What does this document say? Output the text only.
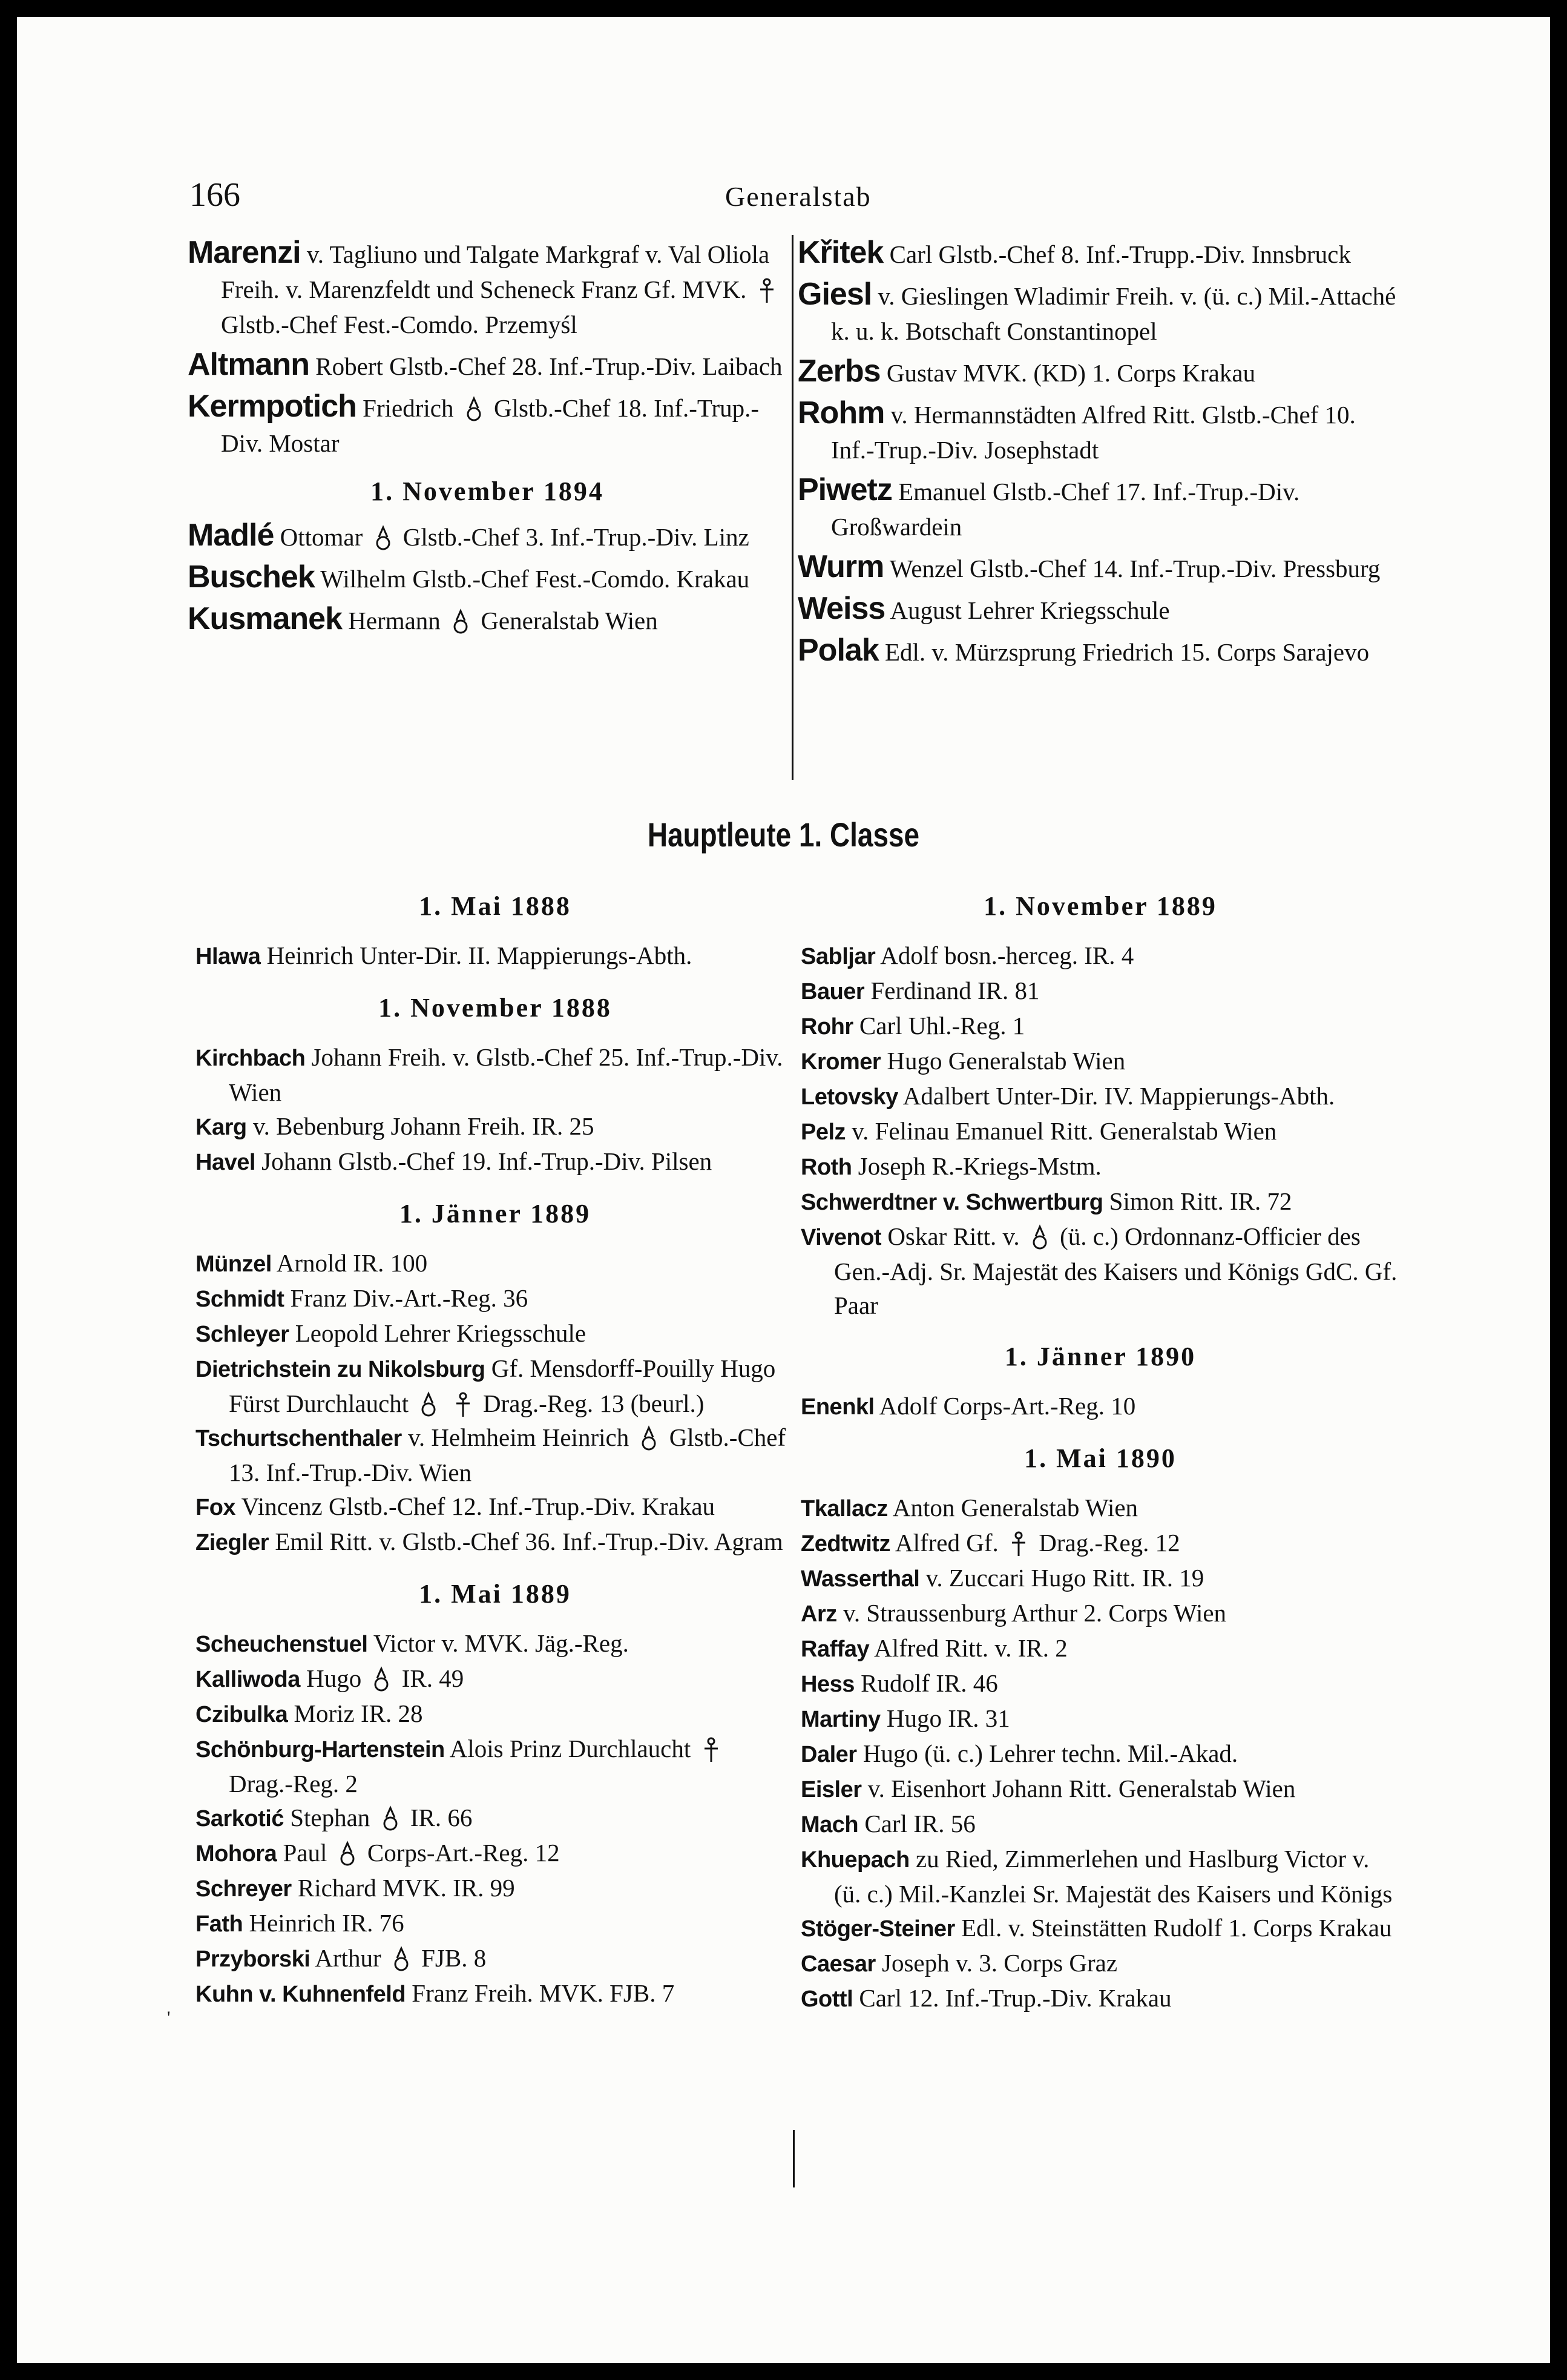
166	Generalstab
Marenzi v. Tagliuno und Talgate Markgraf v. Val Oliola Freih. v. Marenzfeldt und Scheneck Franz Gf. MVK.  Glstb.-Chef Fest.-Comdo. Przemyśl
Altmann Robert Glstb.-Chef 28. Inf.-Trup.-Div. Laibach
Kermpotich Friedrich  Glstb.-Chef 18. Inf.-Trup.-Div. Mostar
1. November 1894
Madlé Ottomar  Glstb.-Chef 3. Inf.-Trup.-Div. Linz
Buschek Wilhelm Glstb.-Chef Fest.-Comdo. Krakau
Kusmanek Hermann  Generalstab Wien
Křitek Carl Glstb.-Chef 8. Inf.-Trupp.-Div. Innsbruck
Giesl v. Gieslingen Wladimir Freih. v. (ü. c.) Mil.-Attaché k. u. k. Botschaft Constantinopel
Zerbs Gustav MVK. (KD) 1. Corps Krakau
Rohm v. Hermannstädten Alfred Ritt. Glstb.-Chef 10. Inf.-Trup.-Div. Josephstadt
Piwetz Emanuel Glstb.-Chef 17. Inf.-Trup.-Div. Großwardein
Wurm Wenzel Glstb.-Chef 14. Inf.-Trup.-Div. Pressburg
Weiss August Lehrer Kriegsschule
Polak Edl. v. Mürzsprung Friedrich 15. Corps Sarajevo
Hauptleute 1. Classe
1. Mai 1888
Hlawa Heinrich Unter-Dir. II. Mappierungs-Abth.
1. November 1888
Kirchbach Johann Freih. v. Glstb.-Chef 25. Inf.-Trup.-Div. Wien
Karg v. Bebenburg Johann Freih. IR. 25
Havel Johann Glstb.-Chef 19. Inf.-Trup.-Div. Pilsen
1. Jänner 1889
Münzel Arnold IR. 100
Schmidt Franz Div.-Art.-Reg. 36
Schleyer Leopold Lehrer Kriegsschule
Dietrichstein zu Nikolsburg Gf. Mensdorff-Pouilly Hugo Fürst Durchlaucht   Drag.-Reg. 13 (beurl.)
Tschurtschenthaler v. Helmheim Heinrich  Glstb.-Chef 13. Inf.-Trup.-Div. Wien
Fox Vincenz Glstb.-Chef 12. Inf.-Trup.-Div. Krakau
Ziegler Emil Ritt. v. Glstb.-Chef 36. Inf.-Trup.-Div. Agram
1. Mai 1889
Scheuchenstuel Victor v. MVK. Jäg.-Reg.
Kalliwoda Hugo  IR. 49
Czibulka Moriz IR. 28
Schönburg-Hartenstein Alois Prinz Durchlaucht  Drag.-Reg. 2
Sarkotić Stephan  IR. 66
Mohora Paul  Corps-Art.-Reg. 12
Schreyer Richard MVK. IR. 99
Fath Heinrich IR. 76
Przyborski Arthur  FJB. 8
Kuhn v. Kuhnenfeld Franz Freih. MVK. FJB. 7
1. November 1889
Sabljar Adolf bosn.-herceg. IR. 4
Bauer Ferdinand IR. 81
Rohr Carl Uhl.-Reg. 1
Kromer Hugo Generalstab Wien
Letovsky Adalbert Unter-Dir. IV. Mappierungs-Abth.
Pelz v. Felinau Emanuel Ritt. Generalstab Wien
Roth Joseph R.-Kriegs-Mstm.
Schwerdtner v. Schwertburg Simon Ritt. IR. 72
Vivenot Oskar Ritt. v.  (ü. c.) Ordonnanz-Officier des Gen.-Adj. Sr. Majestät des Kaisers und Königs GdC. Gf. Paar
1. Jänner 1890
Enenkl Adolf Corps-Art.-Reg. 10
1. Mai 1890
Tkallacz Anton Generalstab Wien
Zedtwitz Alfred Gf.  Drag.-Reg. 12
Wasserthal v. Zuccari Hugo Ritt. IR. 19
Arz v. Straussenburg Arthur 2. Corps Wien
Raffay Alfred Ritt. v. IR. 2
Hess Rudolf IR. 46
Martiny Hugo IR. 31
Daler Hugo (ü. c.) Lehrer techn. Mil.-Akad.
Eisler v. Eisenhort Johann Ritt. Generalstab Wien
Mach Carl IR. 56
Khuepach zu Ried, Zimmerlehen und Haslburg Victor v. (ü. c.) Mil.-Kanzlei Sr. Majestät des Kaisers und Königs
Stöger-Steiner Edl. v. Steinstätten Rudolf 1. Corps Krakau
Caesar Joseph v. 3. Corps Graz
Gottl Carl 12. Inf.-Trup.-Div. Krakau
'
